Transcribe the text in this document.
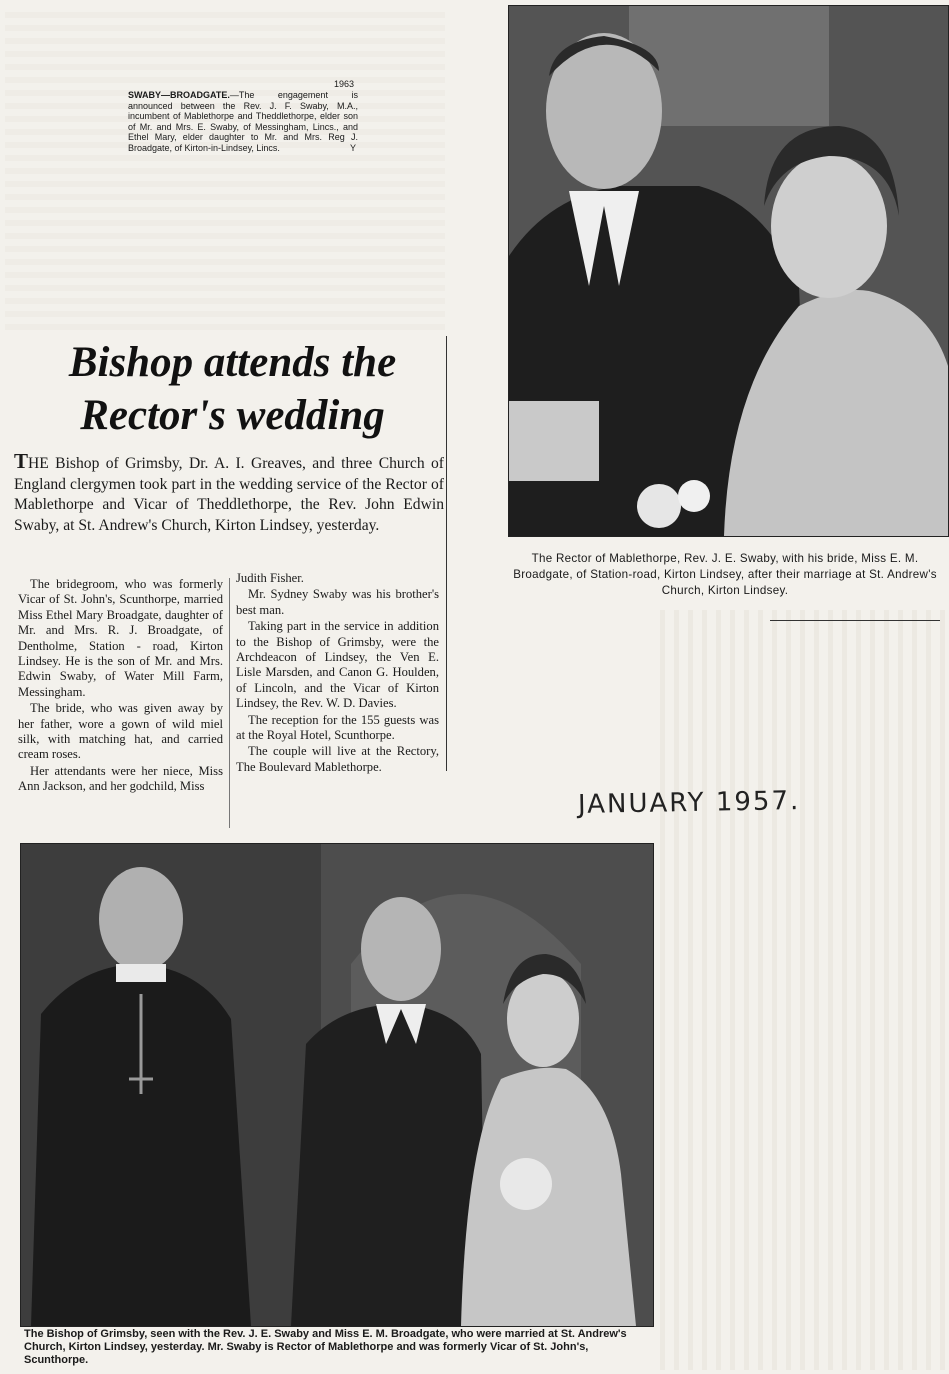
1963
SWABY—BROADGATE.—The engagement is announced between the Rev. J. F. Swaby, M.A., incumbent of Mablethorpe and Theddlethorpe, elder son of Mr. and Mrs. E. Swaby, of Messingham, Lincs., and Ethel Mary, elder daughter to Mr. and Mrs. Reg J. Broadgate, of Kirton-in-Lindsey, Lincs.	Y
Bishop attends the
Rector's wedding
THE Bishop of Grimsby, Dr. A. I. Greaves, and three Church of England clergymen took part in the wedding service of the Rector of Mablethorpe and Vicar of Theddlethorpe, the Rev. John Edwin Swaby, at St. Andrew's Church, Kirton Lindsey, yesterday.

The bridegroom, who was formerly Vicar of St. John's, Scunthorpe, married Miss Ethel Mary Broadgate, daughter of Mr. and Mrs. R. J. Broadgate, of Dentholme, Station - road, Kirton Lindsey. He is the son of Mr. and Mrs. Edwin Swaby, of Water Mill Farm, Messingham.

The bride, who was given away by her father, wore a gown of wild miel silk, with matching hat, and carried cream roses.

Her attendants were her niece, Miss Ann Jackson, and her godchild, Miss

Judith Fisher.

Mr. Sydney Swaby was his brother's best man.

Taking part in the service in addition to the Bishop of Grimsby, were the Archdeacon of Lindsey, the Ven E. Lisle Marsden, and Canon G. Houlden, of Lincoln, and the Vicar of Kirton Lindsey, the Rev. W. D. Davies.

The reception for the 155 guests was at the Royal Hotel, Scunthorpe.

The couple will live at the Rectory, The Boulevard Mablethorpe.

The Rector of Mablethorpe, Rev. J. E. Swaby, with his bride, Miss E. M. Broadgate, of Station-road, Kirton Lindsey, after their marriage at St. Andrew's Church, Kirton Lindsey.
JANUARY 1957.
The Bishop of Grimsby, seen with the Rev. J. E. Swaby and Miss E. M. Broadgate, who were married at St. Andrew's Church, Kirton Lindsey, yesterday. Mr. Swaby is Rector of Mablethorpe and was formerly Vicar of St. John's, Scunthorpe.
